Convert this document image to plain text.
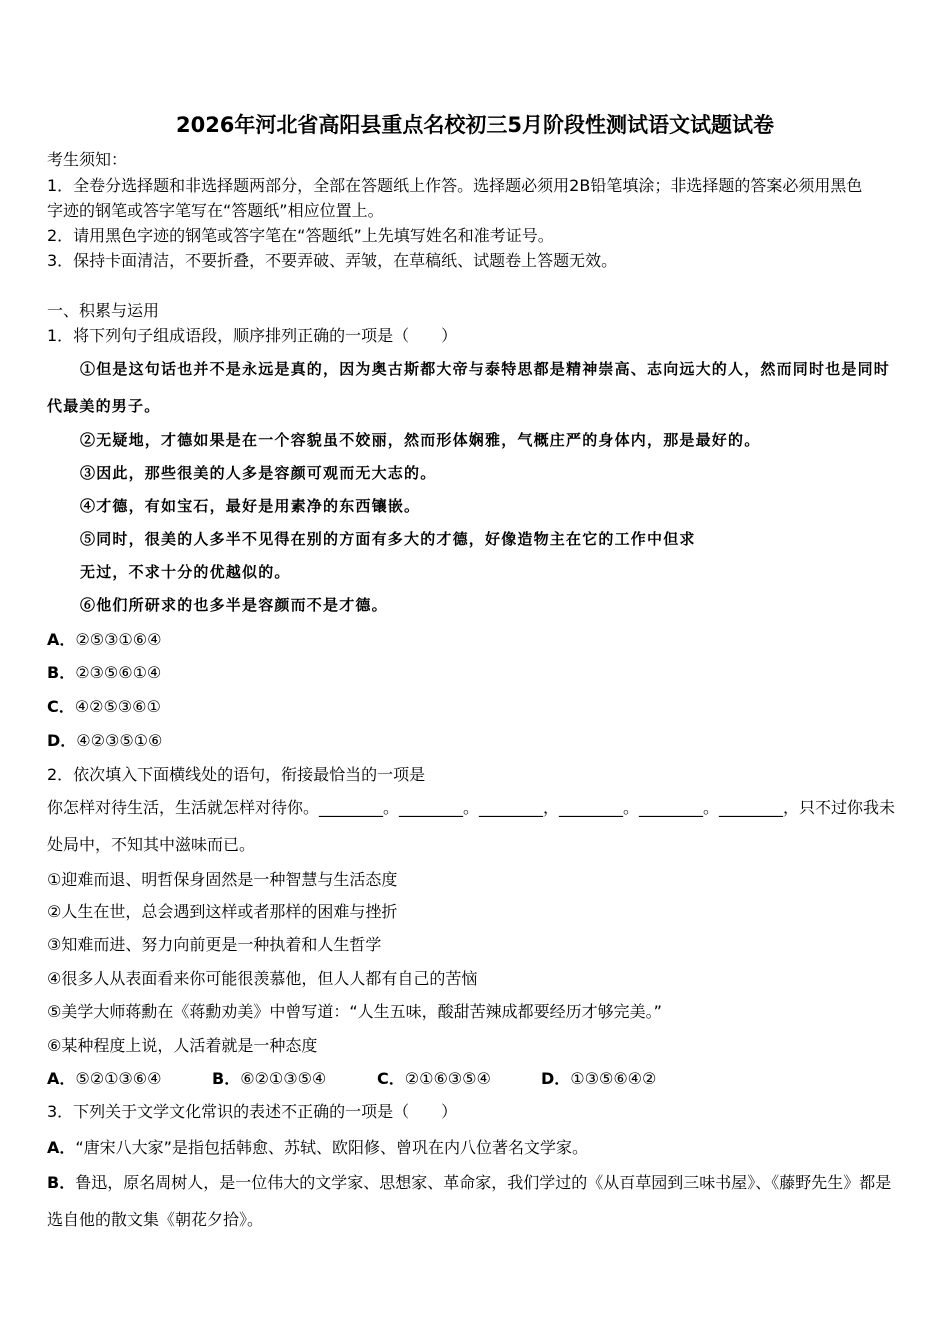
2026年河北省高阳县重点名校初三5月阶段性测试语文试题试卷
考生须知：
1．全卷分选择题和非选择题两部分，全部在答题纸上作答。选择题必须用2B铅笔填涂；非选择题的答案必须用黑色
字迹的钢笔或答字笔写在“答题纸”相应位置上。
2．请用黑色字迹的钢笔或答字笔在“答题纸”上先填写姓名和准考证号。
3．保持卡面清洁，不要折叠，不要弄破、弄皱，在草稿纸、试题卷上答题无效。
一、积累与运用
1．将下列句子组成语段，顺序排列正确的一项是（　　）
①但是这句话也并不是永远是真的，因为奥古斯都大帝与泰特思都是精神崇高、志向远大的人，然而同时也是同时
代最美的男子。
②无疑地，才德如果是在一个容貌虽不姣丽，然而形体娴雅，气概庄严的身体内，那是最好的。
③因此，那些很美的人多是容颜可观而无大志的。
④才德，有如宝石，最好是用素净的东西镶嵌。
⑤同时，很美的人多半不见得在别的方面有多大的才德，好像造物主在它的工作中但求
无过，不求十分的优越似的。
⑥他们所研求的也多半是容颜而不是才德。
A．②⑤③①⑥④
B．②③⑤⑥①④
C．④②⑤③⑥①
D．④②③⑤①⑥
2．依次填入下面横线处的语句，衔接最恰当的一项是
你怎样对待生活，生活就怎样对待你。________。________。________，________。________。________，只不过你我未
处局中，不知其中滋味而已。
①迎难而退、明哲保身固然是一种智慧与生活态度
②人生在世，总会遇到这样或者那样的困难与挫折
③知难而进、努力向前更是一种执着和人生哲学
④很多人从表面看来你可能很羡慕他，但人人都有自己的苦恼
⑤美学大师蒋勳在《蒋勳劝美》中曾写道：“人生五味，酸甜苦辣成都要经历才够完美。”
⑥某种程度上说，人活着就是一种态度
A．⑤②①③⑥④	B．⑥②①③⑤④	C．②①⑥③⑤④	D．①③⑤⑥④②
3．下列关于文学文化常识的表述不正确的一项是（　　）
A．“唐宋八大家”是指包括韩愈、苏轼、欧阳修、曾巩在内八位著名文学家。
B．鲁迅，原名周树人，是一位伟大的文学家、思想家、革命家，我们学过的《从百草园到三味书屋》、《藤野先生》都是
选自他的散文集《朝花夕拾》。
